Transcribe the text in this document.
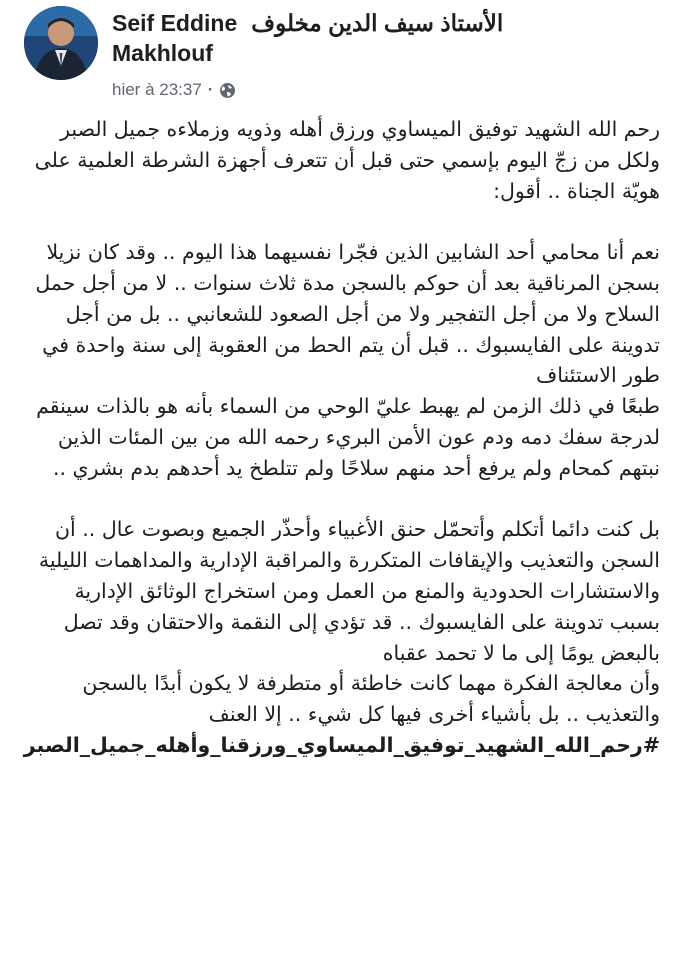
Seif Eddine الأستاذ سيف الدين مخلوف
Makhlouf
hier à 23:37 ·

رحم الله الشهيد توفيق الميساوي ورزق أهله وذويه وزملاءه جميل الصبر

ولكل من زجّ اليوم بإسمي حتى قبل أن تتعرف أجهزة الشرطة العلمية على هويّة الجناة .. أقول:

نعم أنا محامي أحد الشابين الذين فجّرا نفسيهما هذا اليوم .. وقد كان نزيلا بسجن المرناقية بعد أن حوكم بالسجن مدة ثلاث سنوات .. لا من أجل حمل السلاح ولا من أجل التفجير ولا من أجل الصعود للشعانبي .. بل من أجل تدوينة على الفايسبوك .. قبل أن يتم الحط من العقوبة إلى سنة واحدة في طور الاستئناف

طبعًا في ذلك الزمن لم يهبط عليّ الوحي من السماء بأنه هو بالذات سينقم لدرجة سفك دمه ودم عون الأمن البريء رحمه الله من بين المئات الذين نبتهم كمحام ولم يرفع أحد منهم سلاحًا ولم تتلطخ يد أحدهم بدم بشري ..

بل كنت دائما أتكلم وأتحمّل حنق الأغبياء وأحذّر الجميع وبصوت عال .. أن السجن والتعذيب والإيقافات المتكررة والمراقبة الإدارية والمداهمات الليلية والاستشارات الحدودية والمنع من العمل ومن استخراج الوثائق الإدارية بسبب تدوينة على الفايسبوك .. قد تؤدي إلى النقمة والاحتقان وقد تصل بالبعض يومًا إلى ما لا تحمد عقباه

وأن معالجة الفكرة مهما كانت خاطئة أو متطرفة لا يكون أبدًا بالسجن والتعذيب .. بل بأشياء أخرى فيها كل شيء .. إلا العنف

#رحم_الله_الشهيد_توفيق_الميساوي_ورزقنا_وأهله_جميل_الصبر
